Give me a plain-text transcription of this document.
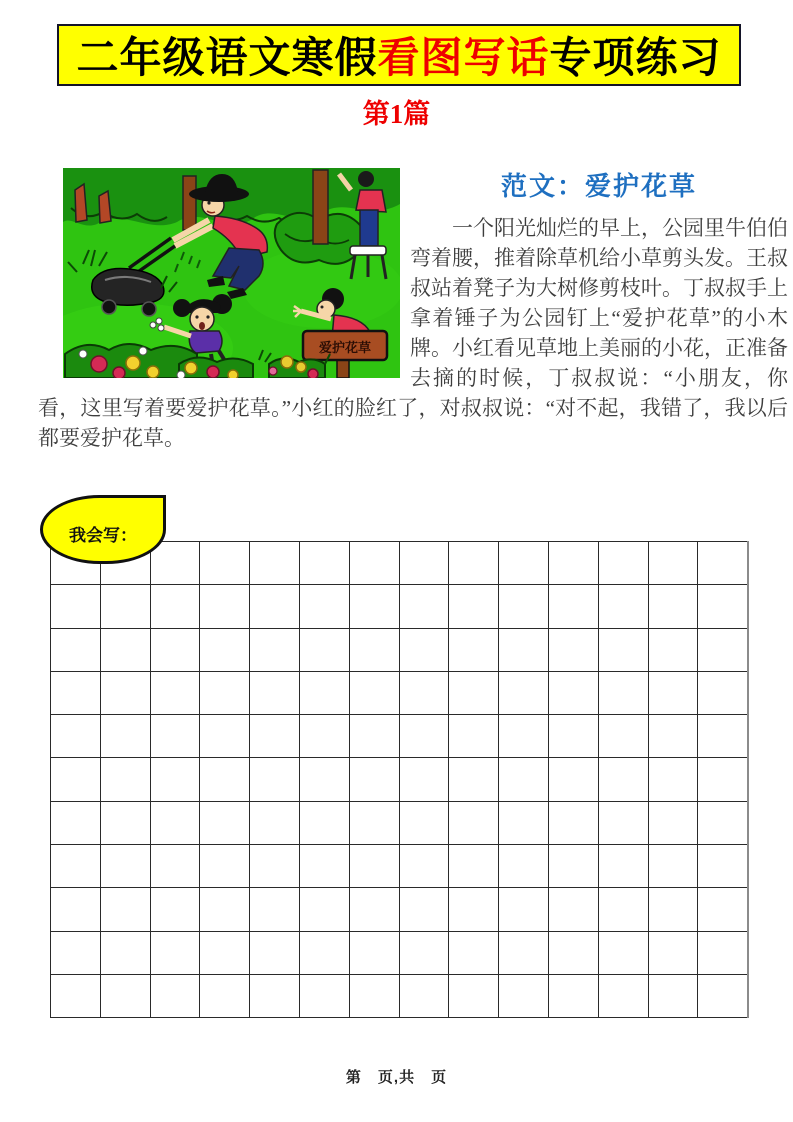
二年级语文寒假 看图写话 专项练习
第1篇
爱护花草
范文：爱护花草

一个阳光灿烂的早上，公园里牛伯伯弯着腰，推着除草机给小草剪头发。王叔叔站着凳子为大树修剪枝叶。丁叔叔手上拿着锤子为公园钉上“爱护花草”的小木牌。小红看见草地上美丽的小花，正准备去摘的时候，丁叔叔说：“小朋友，你看，这里写着要爱护花草。”小红的脸红了，对叔叔说：“对不起，我错了，我以后都要爱护花草。

我会写：

第　页,共　页
